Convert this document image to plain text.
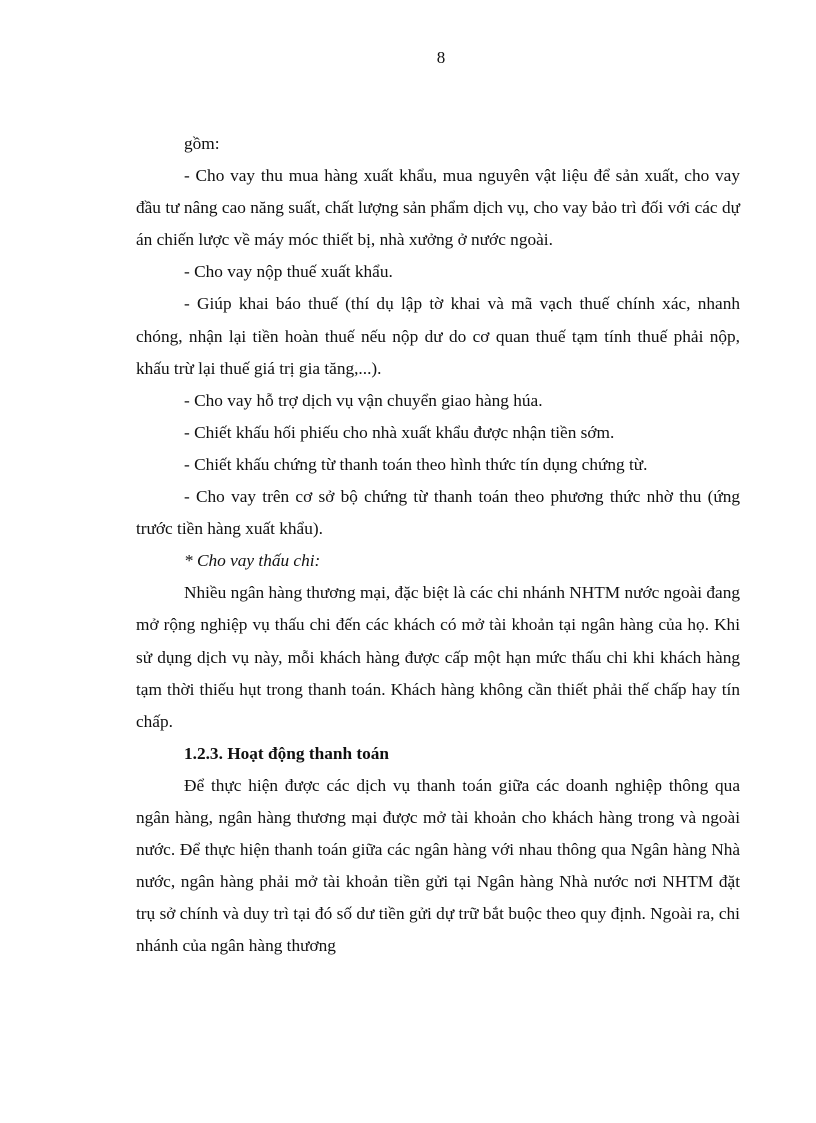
8

gồm:

- Cho vay thu mua hàng xuất khẩu, mua nguyên vật liệu để sản xuất, cho vay đầu tư nâng cao năng suất, chất lượng sản phẩm dịch vụ, cho vay bảo trì đối với các dự án chiến lược về máy móc thiết bị, nhà xưởng ở nước ngoài.

- Cho vay nộp thuế xuất khẩu.

- Giúp khai báo thuế (thí dụ lập tờ khai và mã vạch thuế chính xác, nhanh chóng, nhận lại tiền hoàn thuế nếu nộp dư do cơ quan thuế tạm tính thuế phải nộp, khấu trừ lại thuế giá trị gia tăng,...).

- Cho vay hỗ trợ dịch vụ vận chuyển giao hàng húa.

- Chiết khấu hối phiếu cho nhà xuất khẩu được nhận tiền sớm.

- Chiết khấu chứng từ thanh toán theo hình thức tín dụng chứng từ.

- Cho vay trên cơ sở bộ chứng từ thanh toán theo phương thức nhờ thu (ứng trước tiền hàng xuất khẩu).

* Cho vay thấu chi:

Nhiều ngân hàng thương mại, đặc biệt là các chi nhánh NHTM nước ngoài đang mở rộng nghiệp vụ thấu chi đến các khách có mở tài khoản tại ngân hàng của họ. Khi sử dụng dịch vụ này, mỗi khách hàng được cấp một hạn mức thấu chi khi khách hàng tạm thời thiếu hụt trong thanh toán. Khách hàng không cần thiết phải thế chấp hay tín chấp.

1.2.3. Hoạt động thanh toán

Để thực hiện được các dịch vụ thanh toán giữa các doanh nghiệp thông qua ngân hàng, ngân hàng thương mại được mở tài khoản cho khách hàng trong và ngoài nước. Để thực hiện thanh toán giữa các ngân hàng với nhau thông qua Ngân hàng Nhà nước, ngân hàng phải mở tài khoản tiền gửi tại Ngân hàng Nhà nước nơi NHTM đặt trụ sở chính và duy trì tại đó số dư tiền gửi dự trữ bắt buộc theo quy định. Ngoài ra, chi nhánh của ngân hàng thương
